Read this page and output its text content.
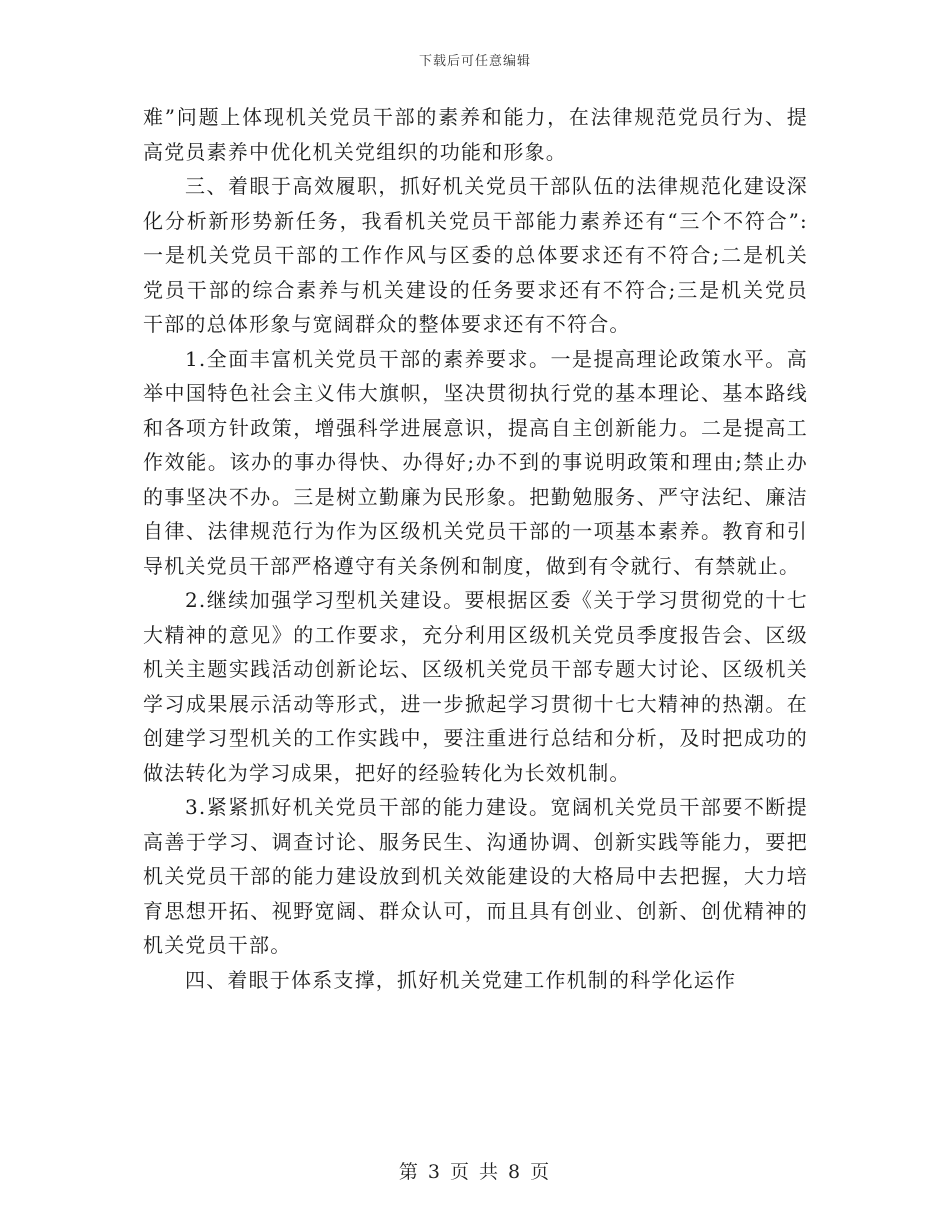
下载后可任意编辑

难”问题上体现机关党员干部的素养和能力，在法律规范党员行为、提高党员素养中优化机关党组织的功能和形象。

三、着眼于高效履职，抓好机关党员干部队伍的法律规范化建设深化分析新形势新任务，我看机关党员干部能力素养还有“三个不符合”:一是机关党员干部的工作作风与区委的总体要求还有不符合;二是机关党员干部的综合素养与机关建设的任务要求还有不符合;三是机关党员干部的总体形象与宽阔群众的整体要求还有不符合。

1.全面丰富机关党员干部的素养要求。一是提高理论政策水平。高举中国特色社会主义伟大旗帜，坚决贯彻执行党的基本理论、基本路线和各项方针政策，增强科学进展意识，提高自主创新能力。二是提高工作效能。该办的事办得快、办得好;办不到的事说明政策和理由;禁止办的事坚决不办。三是树立勤廉为民形象。把勤勉服务、严守法纪、廉洁自律、法律规范行为作为区级机关党员干部的一项基本素养。教育和引导机关党员干部严格遵守有关条例和制度，做到有令就行、有禁就止。

2.继续加强学习型机关建设。要根据区委《关于学习贯彻党的十七大精神的意见》的工作要求，充分利用区级机关党员季度报告会、区级机关主题实践活动创新论坛、区级机关党员干部专题大讨论、区级机关学习成果展示活动等形式，进一步掀起学习贯彻十七大精神的热潮。在创建学习型机关的工作实践中，要注重进行总结和分析，及时把成功的做法转化为学习成果，把好的经验转化为长效机制。

3.紧紧抓好机关党员干部的能力建设。宽阔机关党员干部要不断提高善于学习、调查讨论、服务民生、沟通协调、创新实践等能力，要把机关党员干部的能力建设放到机关效能建设的大格局中去把握，大力培育思想开拓、视野宽阔、群众认可，而且具有创业、创新、创优精神的机关党员干部。

四、着眼于体系支撑，抓好机关党建工作机制的科学化运作

第 3 页 共 8 页
